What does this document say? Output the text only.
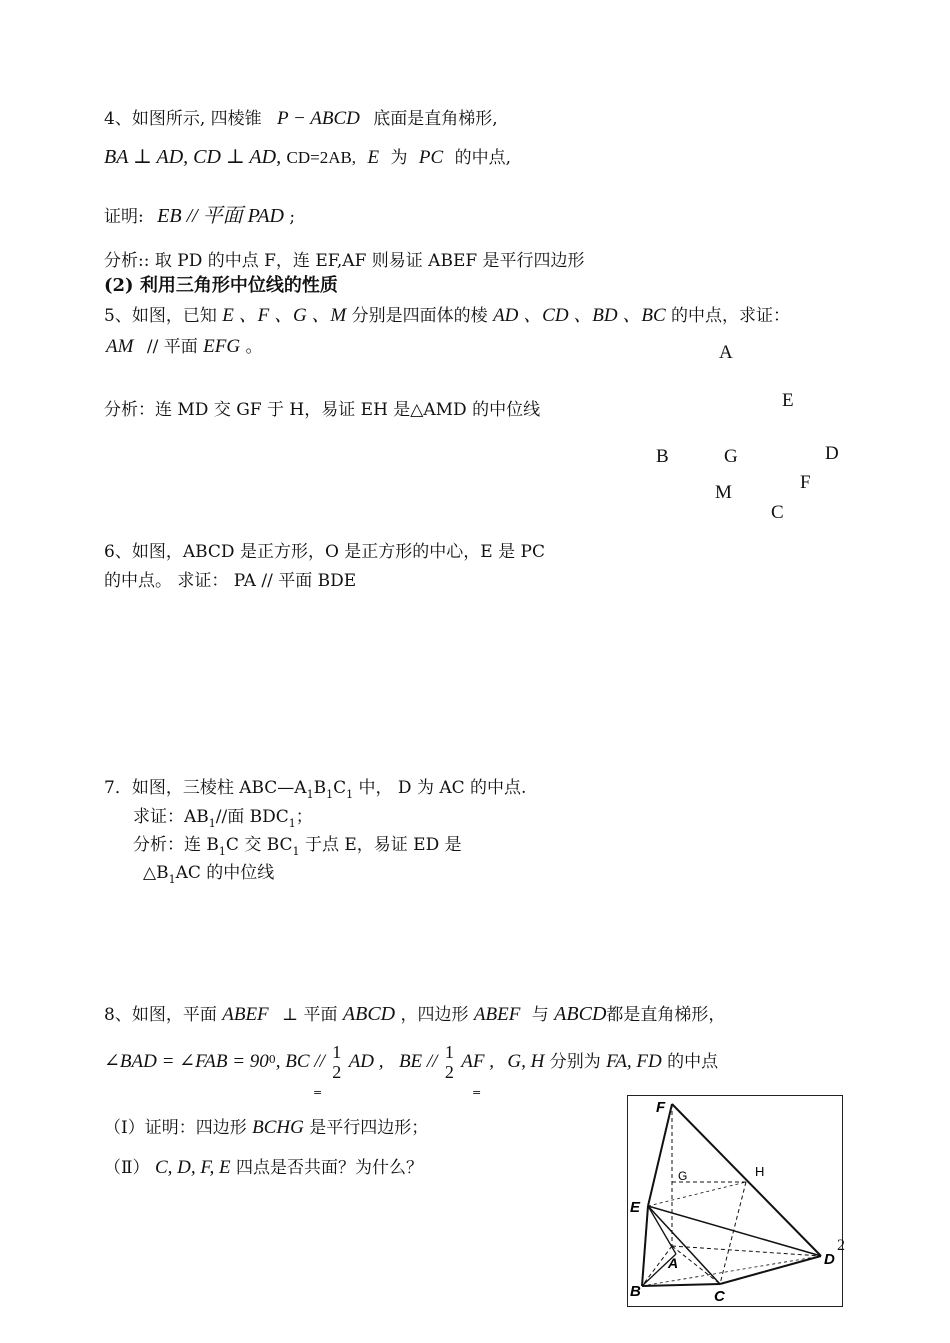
4、如图所示, 四棱锥 P − ABCD 底面是直角梯形,
BA ⊥ AD, CD ⊥ AD, CD=2AB, E 为 PC 的中点,
证明: EB // 平面 PAD ;
分析:: 取 PD 的中点 F，连 EF,AF 则易证 ABEF 是平行四边形
(2) 利用三角形中位线的性质
5、如图，已知 E 、F 、G 、M 分别是四面体的棱 AD 、CD 、BD 、BC 的中点，求证：
AM // 平面 EFG 。
分析：连 MD 交 GF 于 H，易证 EH 是△AMD 的中位线
A
E
B	G	D
F
M
C
6、如图，ABCD 是正方形，O 是正方形的中心，E 是 PC
的中点。 求证： PA // 平面 BDE
7．如图，三棱柱 $ABC—A_1B_1C_1$ 中， D 为 AC 的中点.
求证：$AB_1//$面 $BDC_1$；
分析：连 $B_1C$ 交 $BC_1$ 于点 E，易证 ED 是
$\triangle B_1AC$ 的中位线
8、如图，平面 ABEF ⊥ 平面 ABCD ，四边形 ABEF 与 ABCD都是直角梯形，
∠BAD = ∠FAB = $90^0$, BC // 1
2 AD , BE // 1
2 AF , G, H 分别为 FA, FD 的中点
=	=
（Ⅰ）证明：四边形 BCHG 是平行四边形；
（Ⅱ） C, D, F, E 四点是否共面？为什么？
F
G	H
E
A	D
B	C
2
